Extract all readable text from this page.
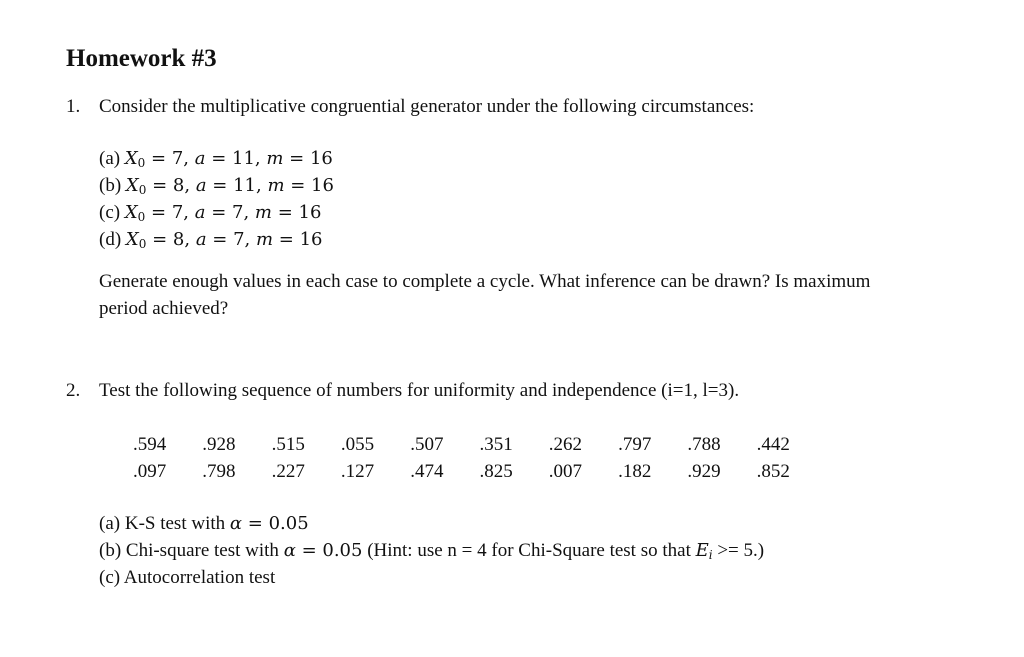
Homework #3
1. Consider the multiplicative congruential generator under the following circumstances:
(a) $X_0 = 7$, a = 11, m = 16
(b) $X_0 = 8$, a = 11, m = 16
(c) $X_0 = 7$, a = 7, m = 16
(d) $X_0 = 8$, a = 7, m = 16
Generate enough values in each case to complete a cycle. What inference can be drawn? Is maximum
period achieved?
2. Test the following sequence of numbers for uniformity and independence (i=1, l=3).
.594 .928 .515 .055 .507 .351 .262 .797 .788 .442
.097 .798 .227 .127 .474 .825 .007 .182 .929 .852
(a) K-S test with α = 0.05
(b) Chi-square test with α = 0.05 (Hint: use n = 4 for Chi-Square test so that $E_i >= 5$.)
(c) Autocorrelation test
